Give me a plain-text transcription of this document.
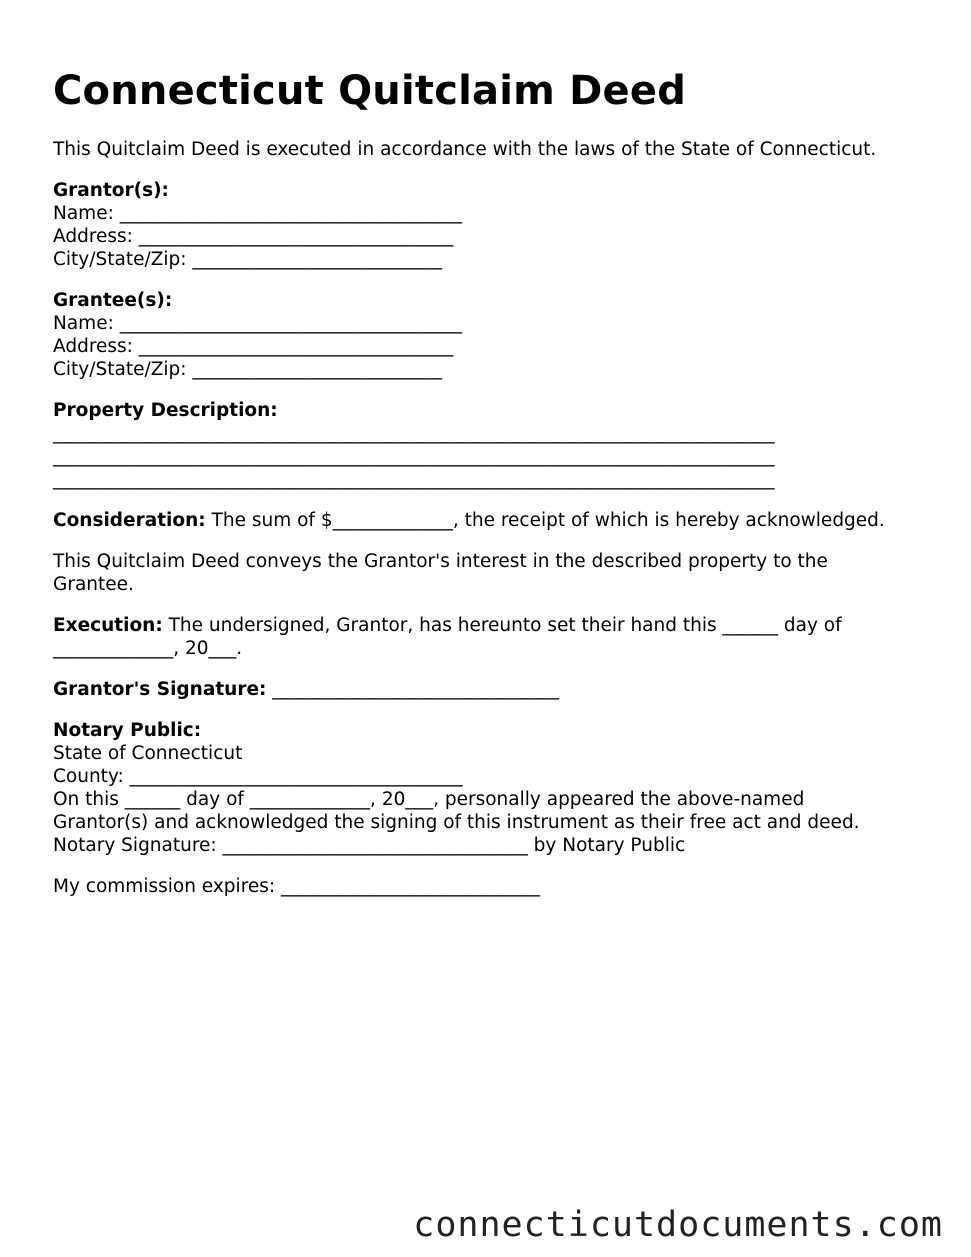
Connecticut Quitclaim Deed
This Quitclaim Deed is executed in accordance with the laws of the State of Connecticut.
Grantor(s):
Name: _____________________________________
Address: __________________________________
City/State/Zip: ___________________________
Grantee(s):
Name: _____________________________________
Address: __________________________________
City/State/Zip: ___________________________
Property Description:
______________________________________________________________________________
______________________________________________________________________________
______________________________________________________________________________
Consideration: The sum of $_____________, the receipt of which is hereby acknowledged.
This Quitclaim Deed conveys the Grantor's interest in the described property to the
Grantee.
Execution: The undersigned, Grantor, has hereunto set their hand this ______ day of
_____________, 20___.
Grantor's Signature: _______________________________
Notary Public:
State of Connecticut
County: ____________________________________
On this ______ day of _____________, 20___, personally appeared the above-named
Grantor(s) and acknowledged the signing of this instrument as their free act and deed.
Notary Signature: _________________________________ by Notary Public
My commission expires: ____________________________
connecticutdocuments.com
